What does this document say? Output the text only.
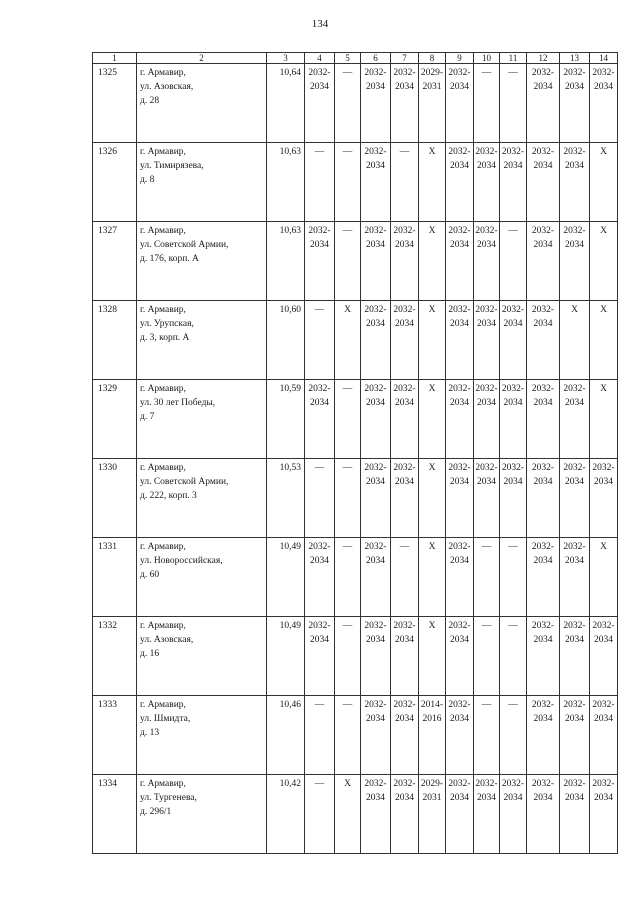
134
1	2	3	4	5	6	7	8	9	10	11	12	13	14
1325	г. Армавир,
ул. Азовская,
д. 28	10,64	2032-
2034	—	2032-
2034	2032-
2034	2029-
2031	2032-
2034	—	—	2032-
2034	2032-
2034	2032-
2034
1326	г. Армавир,
ул. Тимирязева,
д. 8	10,63	—	—	2032-
2034	—	X	2032-
2034	2032-
2034	2032-
2034	2032-
2034	2032-
2034	X
1327	г. Армавир,
ул. Советской Армии,
д. 176, корп. А	10,63	2032-
2034	—	2032-
2034	2032-
2034	X	2032-
2034	2032-
2034	—	2032-
2034	2032-
2034	X
1328	г. Армавир,
ул. Урупская,
д. 3, корп. А	10,60	—	X	2032-
2034	2032-
2034	X	2032-
2034	2032-
2034	2032-
2034	2032-
2034	X	X
1329	г. Армавир,
ул. 30 лет Победы,
д. 7	10,59	2032-
2034	—	2032-
2034	2032-
2034	X	2032-
2034	2032-
2034	2032-
2034	2032-
2034	2032-
2034	X
1330	г. Армавир,
ул. Советской Армии,
д. 222, корп. 3	10,53	—	—	2032-
2034	2032-
2034	X	2032-
2034	2032-
2034	2032-
2034	2032-
2034	2032-
2034	2032-
2034
1331	г. Армавир,
ул. Новороссийская,
д. 60	10,49	2032-
2034	—	2032-
2034	—	X	2032-
2034	—	—	2032-
2034	2032-
2034	X
1332	г. Армавир,
ул. Азовская,
д. 16	10,49	2032-
2034	—	2032-
2034	2032-
2034	X	2032-
2034	—	—	2032-
2034	2032-
2034	2032-
2034
1333	г. Армавир,
ул. Шмидта,
д. 13	10,46	—	—	2032-
2034	2032-
2034	2014-
2016	2032-
2034	—	—	2032-
2034	2032-
2034	2032-
2034
1334	г. Армавир,
ул. Тургенева,
д. 296/1	10,42	—	X	2032-
2034	2032-
2034	2029-
2031	2032-
2034	2032-
2034	2032-
2034	2032-
2034	2032-
2034	2032-
2034
